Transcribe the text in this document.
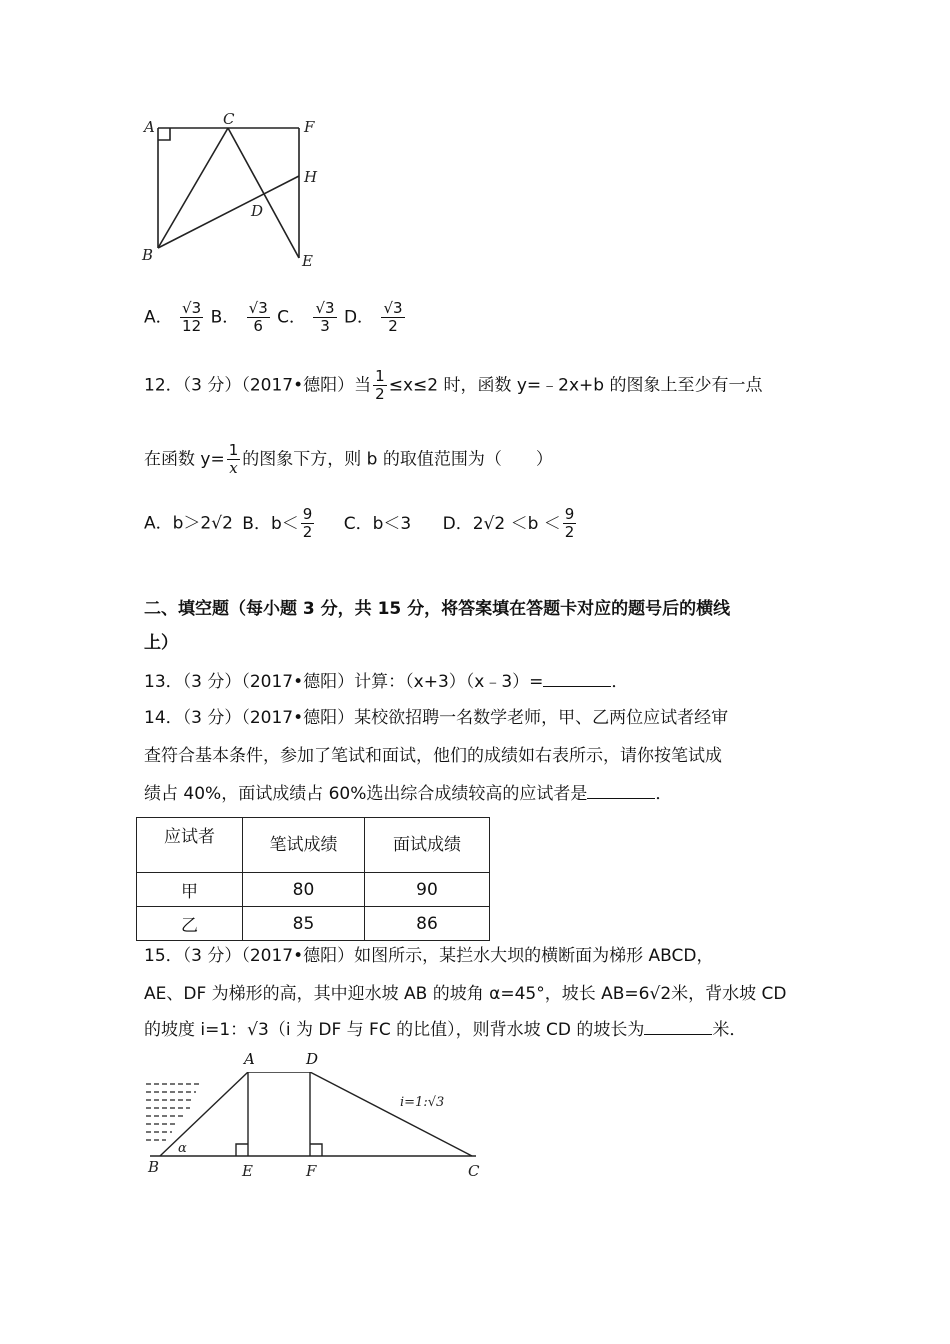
A	C	F
H
D
B	E
A． $\frac{√3}{12}$ B． $\frac{√3}{6}$ C． $\frac{√3}{3}$ D． $\frac{√3}{2}$
12．（3 分）（2017•德阳）当 $\frac{1}{2} \le x\le 2$ 时，函数 y=﹣2x+b 的图象上至少有一点
在函数 $y= \frac{1}{x}$ 的图象下方，则 b 的取值范围为（　　）
A．b＞2√2 B．$b< \frac{9}{2}$ C．b＜3 D．$2√2 <b < \frac{9}{2}$
二、填空题（每小题 3 分，共 15 分，将答案填在答题卡对应的题号后的横线
上）
13．（3 分）（2017•德阳）计算：（x+3）（x﹣3）=	．
14．（3 分）（2017•德阳）某校欲招聘一名数学老师，甲、乙两位应试者经审
查符合基本条件，参加了笔试和面试，他们的成绩如右表所示，请你按笔试成
绩占 40%，面试成绩占 60%选出综合成绩较高的应试者是	．
应试者	笔试成绩	面试成绩
甲	80	90
乙	85	86
15．（3 分）（2017•德阳）如图所示，某拦水大坝的横断面为梯形 ABCD，
AE、DF 为梯形的高，其中迎水坡 AB 的坡角 α=45°，坡长 AB=6√2米，背水坡 CD
的坡度 i=1：√3（i 为 DF 与 FC 的比值），则背水坡 CD 的坡长为	米．
α
i=1:√3
B	E	F	C
A	D
